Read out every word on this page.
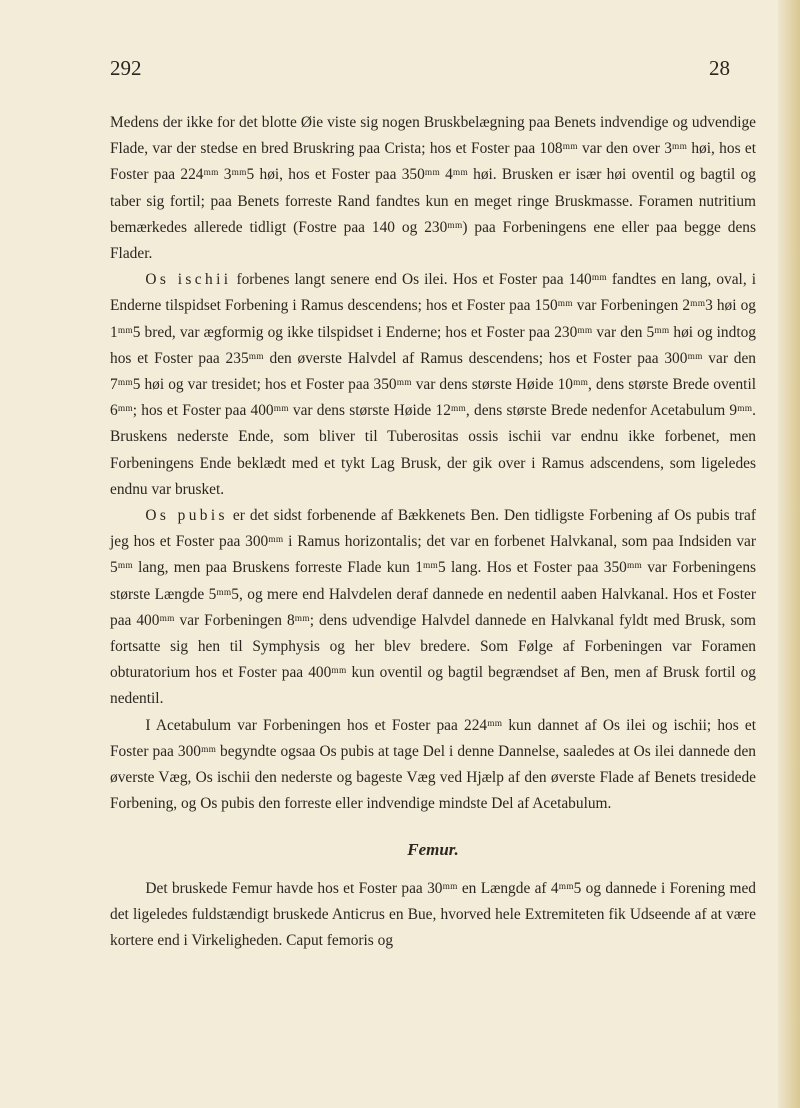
292	28

Medens der ikke for det blotte Øie viste sig nogen Bruskbelægning paa Benets indvendige og udvendige Flade, var der stedse en bred Bruskring paa Crista; hos et Foster paa 108ᵐᵐ var den over 3ᵐᵐ høi, hos et Foster paa 224ᵐᵐ 3ᵐᵐ5 høi, hos et Foster paa 350ᵐᵐ 4ᵐᵐ høi. Brusken er især høi oventil og bagtil og taber sig fortil; paa Benets forreste Rand fandtes kun en meget ringe Bruskmasse. Foramen nutritium bemærkedes allerede tidligt (Fostre paa 140 og 230ᵐᵐ) paa Forbeningens ene eller paa begge dens Flader.

Os ischii forbenes langt senere end Os ilei. Hos et Foster paa 140ᵐᵐ fandtes en lang, oval, i Enderne tilspidset Forbening i Ramus descendens; hos et Foster paa 150ᵐᵐ var Forbeningen 2ᵐᵐ3 høi og 1ᵐᵐ5 bred, var ægformig og ikke tilspidset i Enderne; hos et Foster paa 230ᵐᵐ var den 5ᵐᵐ høi og indtog hos et Foster paa 235ᵐᵐ den øverste Halvdel af Ramus descendens; hos et Foster paa 300ᵐᵐ var den 7ᵐᵐ5 høi og var tresidet; hos et Foster paa 350ᵐᵐ var dens største Høide 10ᵐᵐ, dens største Brede oventil 6ᵐᵐ; hos et Foster paa 400ᵐᵐ var dens største Høide 12ᵐᵐ, dens største Brede nedenfor Acetabulum 9ᵐᵐ. Bruskens nederste Ende, som bliver til Tuberositas ossis ischii var endnu ikke forbenet, men Forbeningens Ende beklædt med et tykt Lag Brusk, der gik over i Ramus adscendens, som ligeledes endnu var brusket.

Os pubis er det sidst forbenende af Bækkenets Ben. Den tidligste Forbening af Os pubis traf jeg hos et Foster paa 300ᵐᵐ i Ramus horizontalis; det var en forbenet Halvkanal, som paa Indsiden var 5ᵐᵐ lang, men paa Bruskens forreste Flade kun 1ᵐᵐ5 lang. Hos et Foster paa 350ᵐᵐ var Forbeningens største Længde 5ᵐᵐ5, og mere end Halvdelen deraf dannede en nedentil aaben Halvkanal. Hos et Foster paa 400ᵐᵐ var Forbeningen 8ᵐᵐ; dens udvendige Halvdel dannede en Halvkanal fyldt med Brusk, som fortsatte sig hen til Symphysis og her blev bredere. Som Følge af Forbeningen var Foramen obturatorium hos et Foster paa 400ᵐᵐ kun oventil og bagtil begrændset af Ben, men af Brusk fortil og nedentil.

I Acetabulum var Forbeningen hos et Foster paa 224ᵐᵐ kun dannet af Os ilei og ischii; hos et Foster paa 300ᵐᵐ begyndte ogsaa Os pubis at tage Del i denne Dannelse, saaledes at Os ilei dannede den øverste Væg, Os ischii den nederste og bageste Væg ved Hjælp af den øverste Flade af Benets tresidede Forbening, og Os pubis den forreste eller indvendige mindste Del af Acetabulum.

Femur.

Det bruskede Femur havde hos et Foster paa 30ᵐᵐ en Længde af 4ᵐᵐ5 og dannede i Forening med det ligeledes fuldstændigt bruskede Anticrus en Bue, hvorved hele Extremiteten fik Udseende af at være kortere end i Virkeligheden. Caput femoris og
